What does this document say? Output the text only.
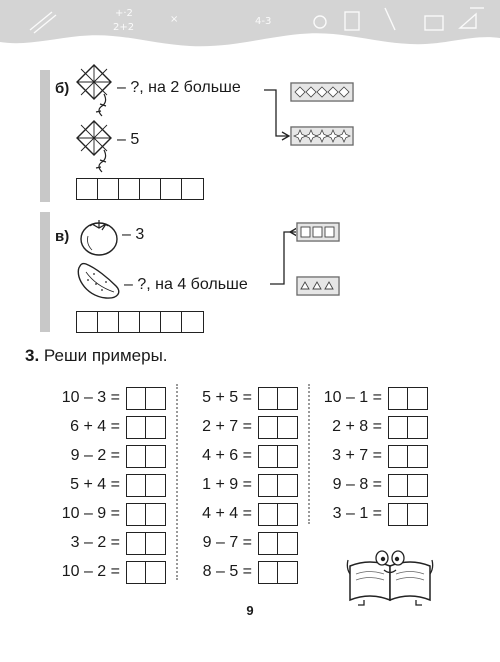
+·2
2+2
×	4-3
б)	– ?, на 2 больше
– 5
в)	– 3
– ?, на 4 больше
3. Реши примеры.
10 – 3 =
6 + 4 =
9 – 2 =
5 + 4 =
10 – 9 =
3 – 2 =
10 – 2 =
5 + 5 =
2 + 7 =
4 + 6 =
1 + 9 =
4 + 4 =
9 – 7 =
8 – 5 =
10 – 1 =
2 + 8 =
3 + 7 =
9 – 8 =
3 – 1 =
9
